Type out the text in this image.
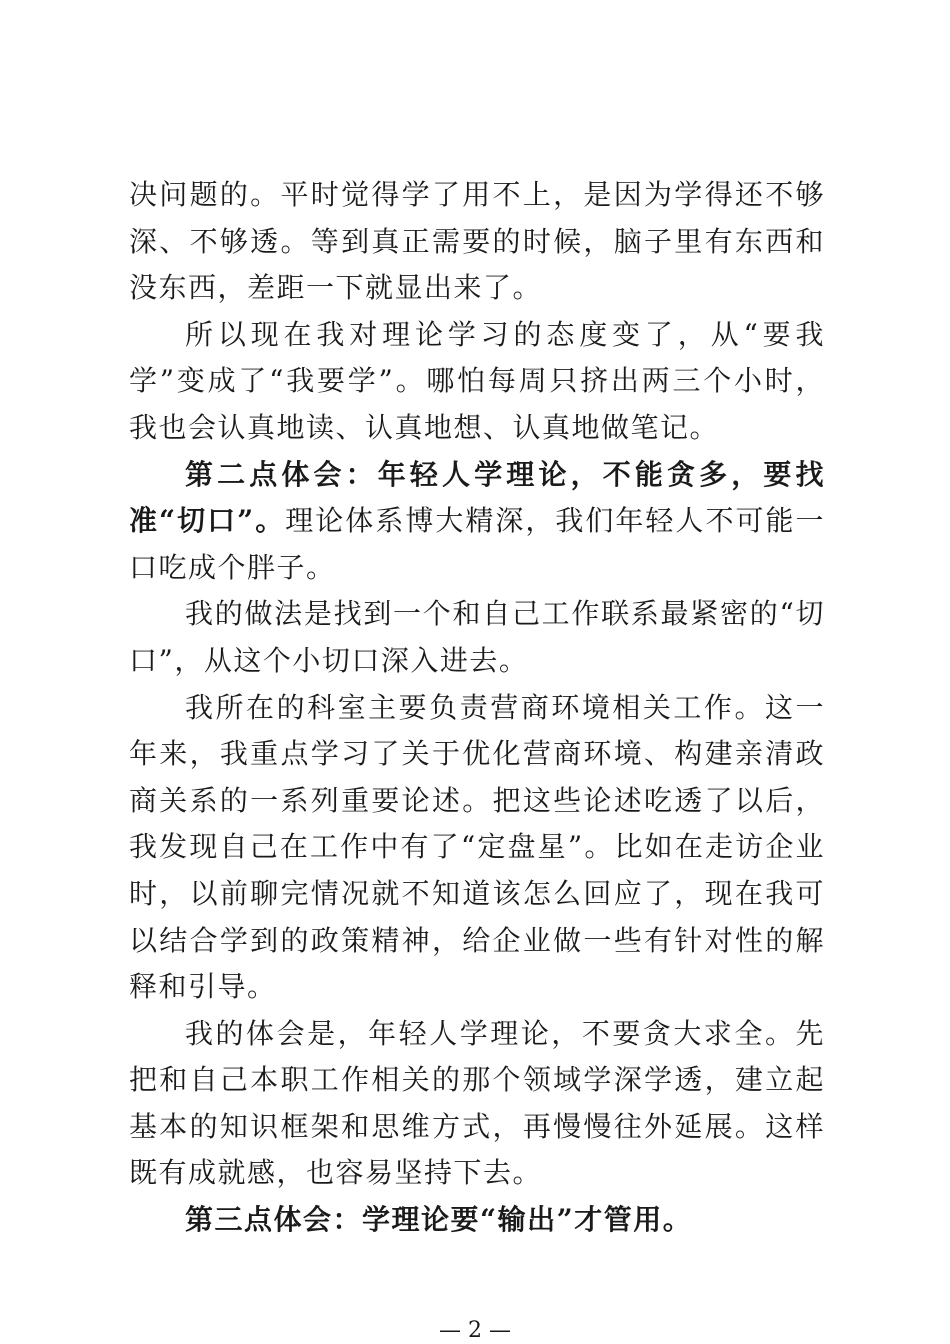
决问题的。平时觉得学了用不上，是因为学得还不够深、不够透。等到真正需要的时候，脑子里有东西和没东西，差距一下就显出来了。

所以现在我对理论学习的态度变了，从“要我学”变成了“我要学”。哪怕每周只挤出两三个小时，我也会认真地读、认真地想、认真地做笔记。

第二点体会：年轻人学理论，不能贪多，要找准“切口”。理论体系博大精深，我们年轻人不可能一口吃成个胖子。

我的做法是找到一个和自己工作联系最紧密的“切口”，从这个小切口深入进去。

我所在的科室主要负责营商环境相关工作。这一年来，我重点学习了关于优化营商环境、构建亲清政商关系的一系列重要论述。把这些论述吃透了以后，我发现自己在工作中有了“定盘星”。比如在走访企业时，以前聊完情况就不知道该怎么回应了，现在我可以结合学到的政策精神，给企业做一些有针对性的解释和引导。

我的体会是，年轻人学理论，不要贪大求全。先把和自己本职工作相关的那个领域学深学透，建立起基本的知识框架和思维方式，再慢慢往外延展。这样既有成就感，也容易坚持下去。

第三点体会：学理论要“输出”才管用。

— 2 —
